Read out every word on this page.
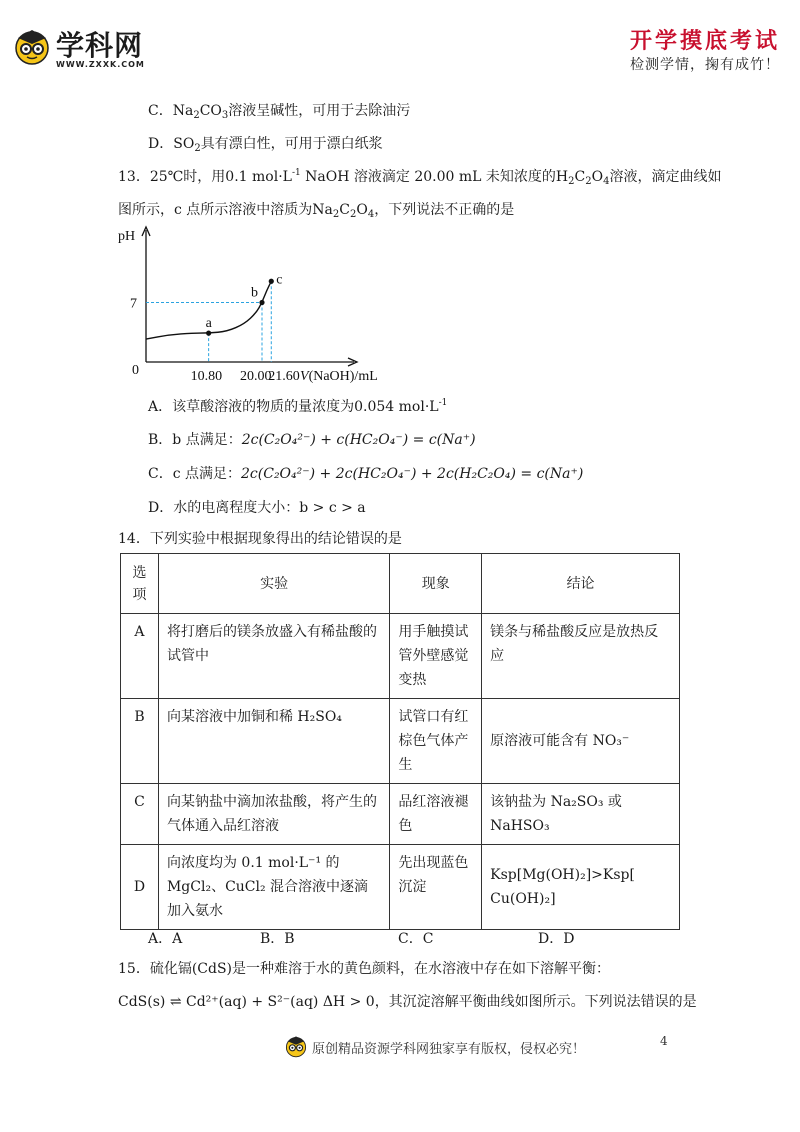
学科网
WWW.ZXXK.COM
开学摸底考试
检测学情，掬有成竹！
C．$Na_2CO_3$溶液呈碱性，可用于去除油污
D．$SO_2$具有漂白性，可用于漂白纸浆
13．25℃时，用0.1 $mol\cdot L^{-1}$ NaOH 溶液滴定 20.00 mL 未知浓度的$H_2C_2O_4$溶液，滴定曲线如
图所示，c 点所示溶液中溶质为$Na_2C_2O_4$，下列说法不正确的是
pH
0
7
V(NaOH)/mL
10.80 20.00
21.60
a
b
c
A．该草酸溶液的物质的量浓度为0.054 $mol\cdot L^{-1}$
B．b 点满足：2c(C₂O₄²⁻) + c(HC₂O₄⁻) = c(Na⁺)
C．c 点满足：2c(C₂O₄²⁻) + 2c(HC₂O₄⁻) + 2c(H₂C₂O₄) = c(Na⁺)
D．水的电离程度大小：b > c > a
14．下列实验中根据现象得出的结论错误的是
选
项	实验	现象	结论
A	将打磨后的镁条放盛入有稀盐酸的试管中	用手触摸试管外壁感觉变热	镁条与稀盐酸反应是放热反应
B	向某溶液中加铜和稀 H₂SO₄	试管口有红棕色气体产生	原溶液可能含有 NO₃⁻
C	向某钠盐中滴加浓盐酸，将产生的气体通入品红溶液	品红溶液褪色	该钠盐为 Na₂SO₃ 或 NaHSO₃
D	向浓度均为 0.1 mol·L⁻¹ 的 MgCl₂、CuCl₂ 混合溶液中逐滴加入氨水	先出现蓝色沉淀	Ksp[Mg(OH)₂]>Ksp[ Cu(OH)₂]
A．A	B．B	C．C	D．D
15．硫化镉(CdS)是一种难溶于水的黄色颜料，在水溶液中存在如下溶解平衡：
CdS(s) ⇌ Cd²⁺(aq) + S²⁻(aq) ΔH > 0，其沉淀溶解平衡曲线如图所示。下列说法错误的是
原创精品资源学科网独家享有版权，侵权必究！
4
